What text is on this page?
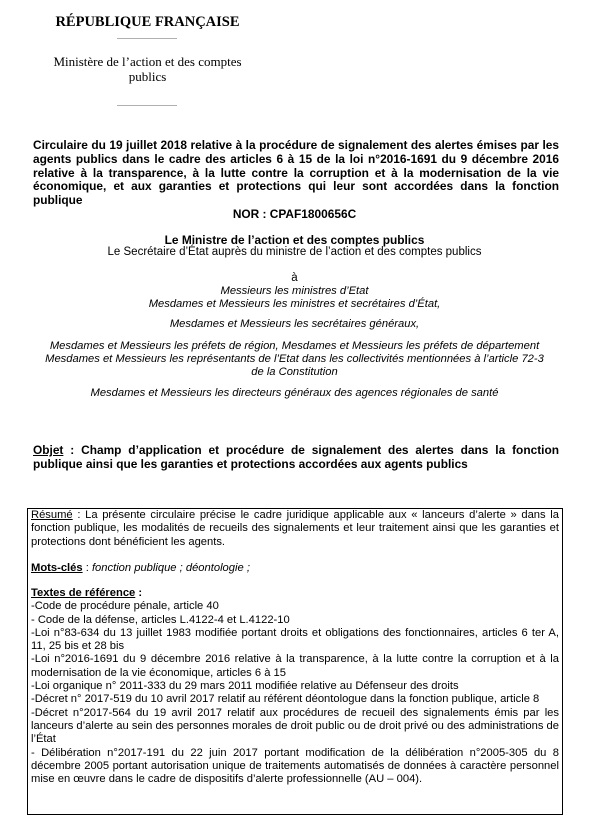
RÉPUBLIQUE FRANÇAISE
Ministère de l’action et des comptes
publics
Circulaire du 19 juillet 2018 relative à la procédure de signalement des alertes émises par les agents publics dans le cadre des articles 6 à 15 de la loi n°2016-1691 du 9 décembre 2016 relative à la transparence, à la lutte contre la corruption et à la modernisation de la vie économique, et aux garanties et protections qui leur sont accordées dans la fonction publique
NOR : CPAF1800656C
Le Ministre de l’action et des comptes publics
Le Secrétaire d’État auprès du ministre de l’action et des comptes publics
à
Messieurs les ministres d’Etat
Mesdames et Messieurs les ministres et secrétaires d’État,
Mesdames et Messieurs les secrétaires généraux,
Mesdames et Messieurs les préfets de région, Mesdames et Messieurs les préfets de département
Mesdames et Messieurs les représentants de l’Etat dans les collectivités mentionnées à l’article 72-3
de la Constitution
Mesdames et Messieurs les directeurs généraux des agences régionales de santé
Objet : Champ d’application et procédure de signalement des alertes dans la fonction publique ainsi que les garanties et protections accordées aux agents publics

Résumé : La présente circulaire précise le cadre juridique applicable aux « lanceurs d’alerte » dans la fonction publique, les modalités de recueils des signalements et leur traitement ainsi que les garanties et protections dont bénéficient les agents.

Mots-clés : fonction publique ; déontologie ;

Textes de référence :

-Code de procédure pénale, article 40

- Code de la défense, articles L.4122-4 et L.4122-10

-Loi n°83-634 du 13 juillet 1983 modifiée portant droits et obligations des fonctionnaires, articles 6 ter A, 11, 25 bis et 28 bis

-Loi n°2016-1691 du 9 décembre 2016 relative à la transparence, à la lutte contre la corruption et à la modernisation de la vie économique, articles 6 à 15

-Loi organique n° 2011-333 du 29 mars 2011 modifiée relative au Défenseur des droits

-Décret n° 2017-519 du 10 avril 2017 relatif au référent déontologue dans la fonction publique, article 8

-Décret n°2017-564 du 19 avril 2017 relatif aux procédures de recueil des signalements émis par les lanceurs d’alerte au sein des personnes morales de droit public ou de droit privé ou des administrations de l’État

- Délibération n°2017-191 du 22 juin 2017 portant modification de la délibération n°2005-305 du 8 décembre 2005 portant autorisation unique de traitements automatisés de données à caractère personnel mise en œuvre dans le cadre de dispositifs d’alerte professionnelle (AU – 004).
